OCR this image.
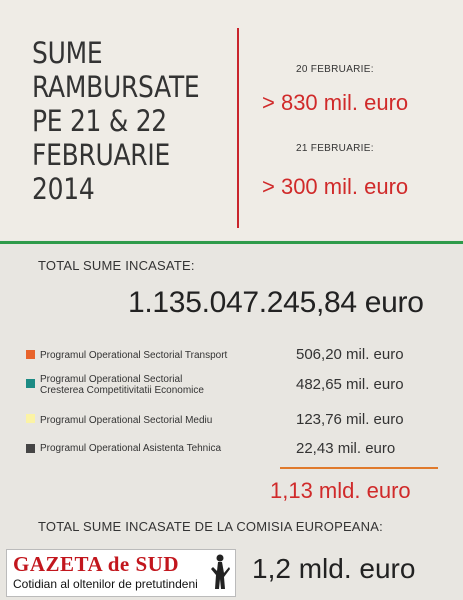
SUME
RAMBURSATE
PE 21 & 22
FEBRUARIE
2014
20 FEBRUARIE:
> 830 mil. euro
21 FEBRUARIE:
> 300 mil. euro
TOTAL SUME INCASATE:
1.135.047.245,84 euro
Programul Operational Sectorial Transport	506,20 mil. euro
Programul Operational Sectorial
Cresterea Competitivitatii Economice	482,65 mil. euro
Programul Operational Sectorial Mediu	123,76 mil. euro
Programul Operational Asistenta Tehnica	22,43 mil. euro
1,13 mld. euro
TOTAL SUME INCASATE DE LA COMISIA EUROPEANA:
1,2 mld. euro
GAZETA de SUD
Cotidian al oltenilor de pretutindeni
